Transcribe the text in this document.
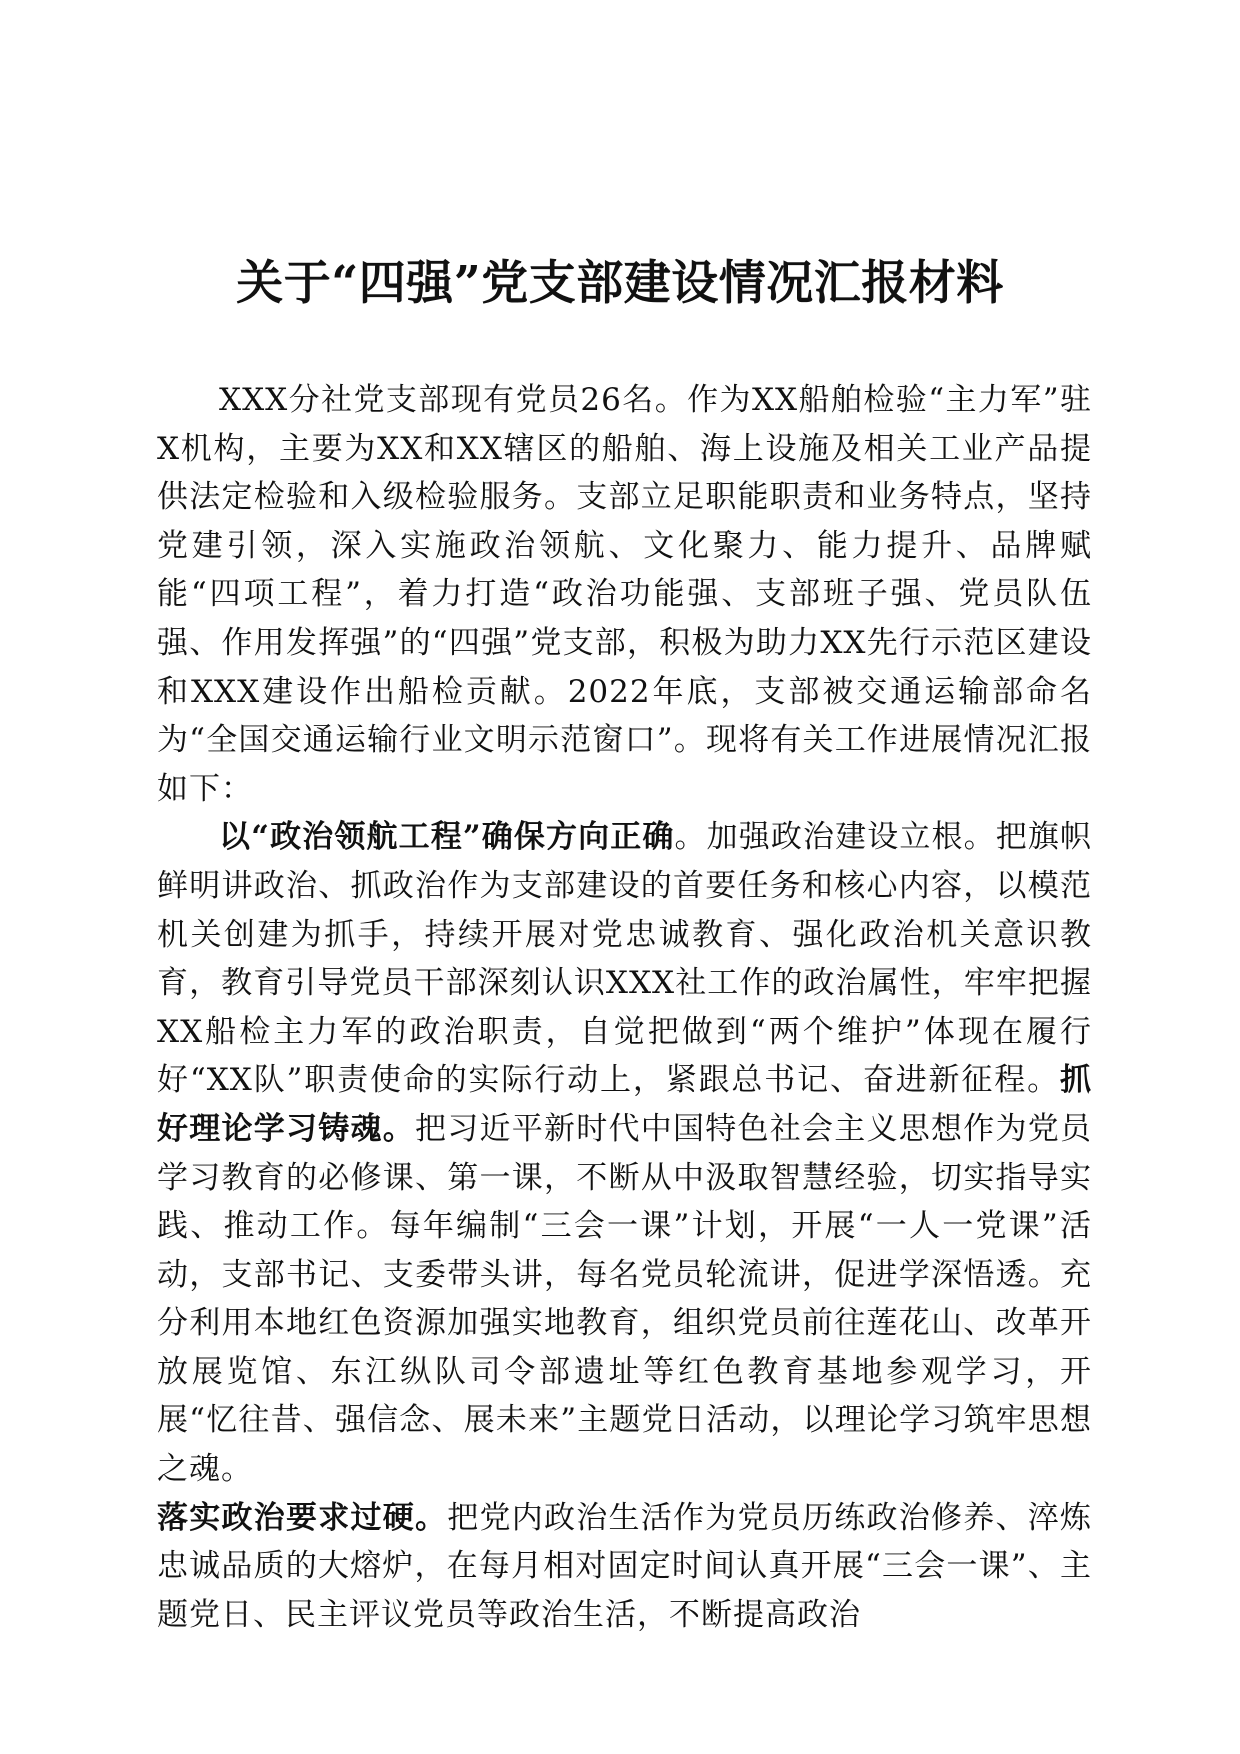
关于“四强”党支部建设情况汇报材料

XXX分社党支部现有党员26名。作为XX船舶检验“主力军”驻X机构，主要为XX和XX辖区的船舶、海上设施及相关工业产品提供法定检验和入级检验服务。支部立足职能职责和业务特点，坚持党建引领，深入实施政治领航、文化聚力、能力提升、品牌赋能“四项工程”，着力打造“政治功能强、支部班子强、党员队伍强、作用发挥强”的“四强”党支部，积极为助力XX先行示范区建设和XXX建设作出船检贡献。2022年底，支部被交通运输部命名为“全国交通运输行业文明示范窗口”。现将有关工作进展情况汇报如下：

以“政治领航工程”确保方向正确。加强政治建设立根。把旗帜鲜明讲政治、抓政治作为支部建设的首要任务和核心内容，以模范机关创建为抓手，持续开展对党忠诚教育、强化政治机关意识教育，教育引导党员干部深刻认识XXX社工作的政治属性，牢牢把握XX船检主力军的政治职责，自觉把做到“两个维护”体现在履行好“XX队”职责使命的实际行动上，紧跟总书记、奋进新征程。抓好理论学习铸魂。把习近平新时代中国特色社会主义思想作为党员学习教育的必修课、第一课，不断从中汲取智慧经验，切实指导实践、推动工作。每年编制“三会一课”计划，开展“一人一党课”活动，支部书记、支委带头讲，每名党员轮流讲，促进学深悟透。充分利用本地红色资源加强实地教育，组织党员前往莲花山、改革开放展览馆、东江纵队司令部遗址等红色教育基地参观学习，开展“忆往昔、强信念、展未来”主题党日活动，以理论学习筑牢思想之魂。
落实政治要求过硬。把党内政治生活作为党员历练政治修养、淬炼忠诚品质的大熔炉，在每月相对固定时间认真开展“三会一课”、主题党日、民主评议党员等政治生活，不断提高政治
